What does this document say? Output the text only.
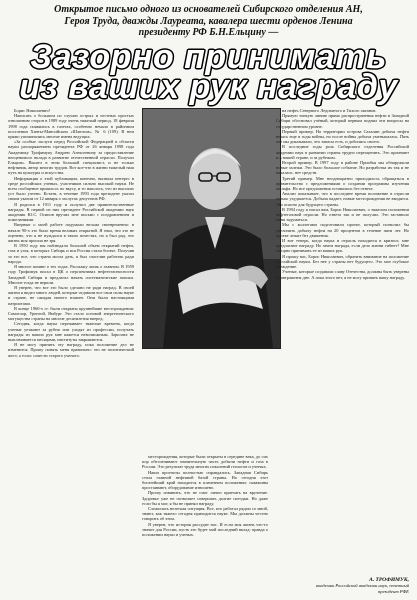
Открытое письмо одного из основателей Сибирского отделения АН,
Героя Труда, дважды Лауреата, кавалера шести орденов Ленина
президенту РФ Б.Н.Ельцину —
Зазорно принимать
из ваших рук награду

Борис Николаевич!

Написать о большом по случаю острых и честных простых отношению сторон в 1989 году очень тяжелый период. 18 февраля 1998 года появились в газетах, особенно немало в районном поселении Ханты-Мансийском «Шлюзом», № 6 (109). В нем прямо упоминались многие имена ведущих.

«За особые заслуги перед Российской Федерацией в области науки распоряжением президента РФ от 26 января 1998 года Академику Трофимуку Андрею Алексеевичу за предоставление неоценимого вклада в развитие отечественной отрасли. Получил Ельцин». Вышел в этом большой специалист, и не только нефтяник, автор многих трудов. Вот кое-что в жизни тяжелый наш путь на культуры и искусства.

Информация о этой публикации, конечно, вызвала интерес в среде российских ученых, участников сильно высокой науки. Не всем сообщение пришлось по вкусу, и то нашлось, что из высоких уст было учтено. Кстати, в течение 1993 года президент указал своим указом от 12 января о заслугах депутатов РФ.

Я родился в 1911 году и получил две правительственные награды. В первой из них президент Российской академии наук академик Ю.С. Осипов вручил мне письмо с поздравлением и пожеланиями.

Впервые о моей работе подумали весьма своевременно: в начале 90-х это было время великих открытий. Я знал, что это не оценено, что я не нуждался в таких почестях, но я был рад, что жизнь моя прошла не зря.

В 1950 году мы наблюдали большой объем открытий нефти, газа и угля, в которых Сибирь и вся Россия стали богаче. Получив за это все, что страна могла дать, я был счастлив работать ради народа.

Я многое помню о тех годах. Расскажу лишь о главном. В 1959 году Трофимук писал в ЦК о перспективах нефтегазоносности Западной Сибири и предлагал начать систематические поиски. Многие тогда не верили.

Я уверен, что все это было сделано не ради наград. В своей жизни я видел много людей, которые отдавали все свои силы науке и стране, не ожидая ничего взамен. Они были настоящими патриотами.

В конце 1960-х гг. были открыты крупнейшие месторождения: Самотлор, Уренгой, Ямбург. Это стало основой энергетического могущества страны на многие десятилетия вперед.

Сегодня, когда наука переживает тяжелые времена, когда ученые уезжают за рубеж или уходят из профессии, получать награды из ваших рук мне кажется невозможным. Зарплата не выплачивается месяцами, институты закрываются.

Я не могу принять эту награду, пока положение дел не изменится. Прошу понять меня правильно: это не политический жест, а голос совести старого ученого.

месторождения, которые были открыты в середине века, до сих пор обеспечивают значительную часть добычи нефти и газа в России. Это результат труда многих поколений геологов и ученых.

Наши прогнозы полностью оправдались. Западная Сибирь стала главной нефтяной базой страны. Но сегодня этот богатейший край находится в плачевном положении: скважины простаивают, оборудование изношено.

Прошу извинить, что не смог лично приехать на вручение. Здоровье уже не позволяет совершать долгие поездки. Но даже если бы я мог, я бы не принял награду.

Сложилась нелегкая ситуация. Все, кто работал рядом со мной, знают, как тяжело сегодня приходится науке. Мы должны честно говорить об этом.

Я уверен, что история рассудит нас. И если моя жизнь что-то значит для России, пусть это будет мой последний вклад: правда о положении науки и ученых.

на нефть Северного Ледовитого и Тихого океанов.

Прямую тонкую линию прямо распространения нефти в Западной Сибири обосновал учёный, который первым поднял эти вопросы на государственном уровне.

Первый пример. На территории острова Сахалин добыча нефти велась еще в годы войны, но после войны добыча уменьшалась. Пять лет мы доказывали, что запасы есть, и добились своего.

В последние годы роль Сибирского отделения Российской академии наук в развитии страны трудно переоценить. Это признают и в нашей стране, и за рубежом.

Второй пример. В 1997 году в районе Приобья мы обнаружили новые залежи. Это было большое событие. Но разработка их так и не началась: нет средств.

Третий пример. Мне неоднократно приходилось обращаться в правительство с предложениями о создании программы изучения шельфа. Но все предложения оставались без ответа.

Анализ показывает, что в последнее время положение в отрасли только ухудшается. Добыча падает, новые месторождения не вводятся. Это опасно для будущего страны.

В 1994 году я писал вам, Борис Николаевич, о тяжелом положении нефтегазовой отрасли. Но ответа так и не получил. Это заставило меня задуматься.

Мы с коллегами подготовили проект, который позволил бы увеличить добычу нефти на 20 процентов в течение пяти лет. Но проект лежит без движения.

И вот теперь, когда наука и отрасль находятся в кризисе, мне предлагают награду. Но зачем награда, если дело жизни гибнет? Мне зазорно принимать ее из ваших рук.

Я прошу вас, Борис Николаевич, обратить внимание на положение российской науки. Без нее у страны нет будущего. Это мое глубокое убеждение.

Ученые, которые создавали славу Отечества, должны быть уверены в завтрашнем дне. А пока этого нет, я не могу принять вашу награду.

А. ТРОФИМУК,
академик Российской академии наук, почетный президент РФЕ
